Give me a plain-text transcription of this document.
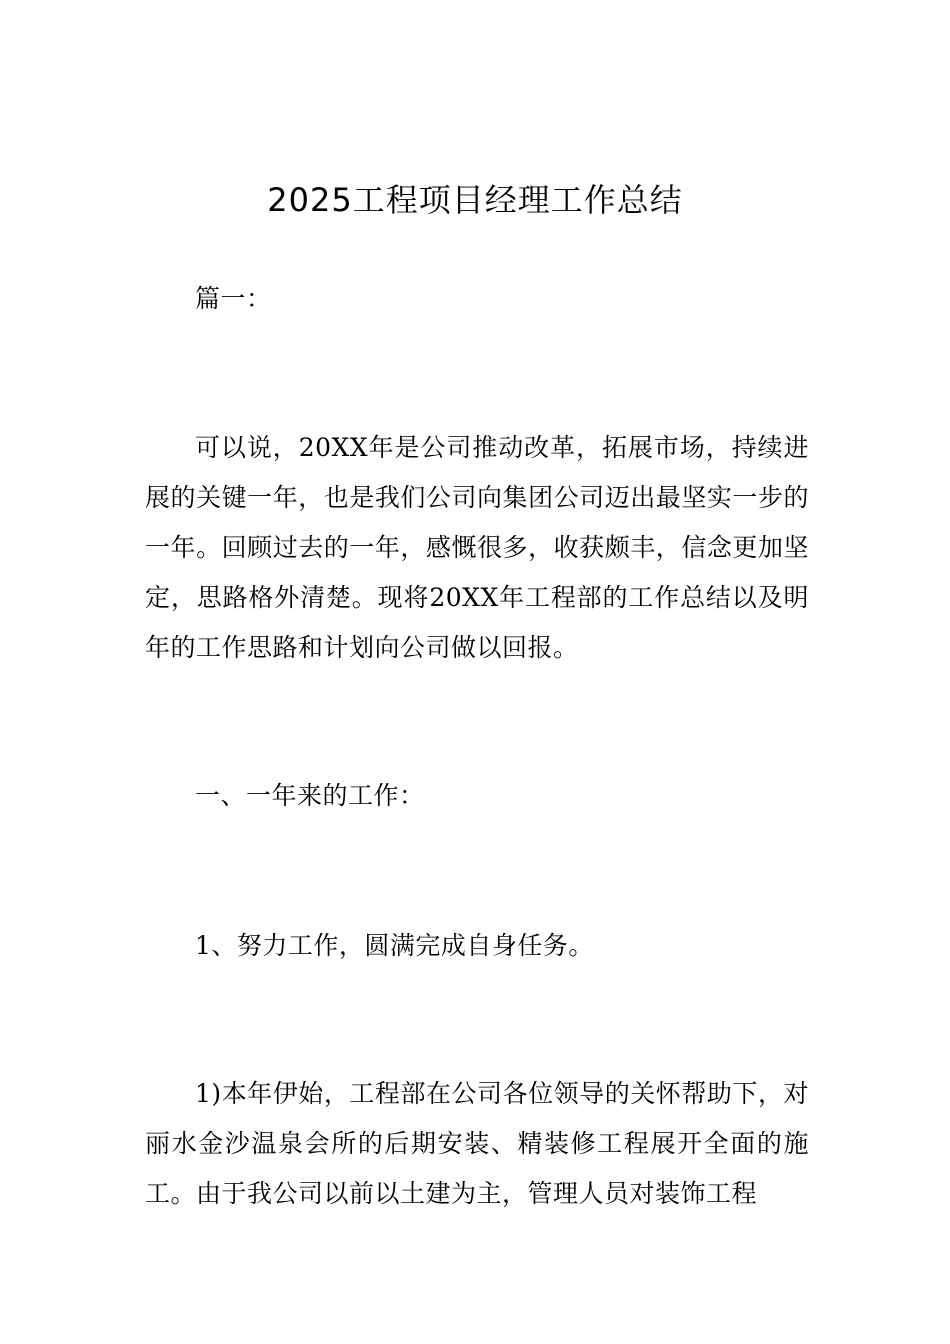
2025工程项目经理工作总结

篇一：

可以说，20XX年是公司推动改革，拓展市场，持续进展的关键一年，也是我们公司向集团公司迈出最坚实一步的一年。回顾过去的一年，感慨很多，收获颇丰，信念更加坚定，思路格外清楚。现将20XX年工程部的工作总结以及明年的工作思路和计划向公司做以回报。

一、一年来的工作：

1、努力工作，圆满完成自身任务。

1)本年伊始，工程部在公司各位领导的关怀帮助下，对丽水金沙温泉会所的后期安装、精装修工程展开全面的施工。由于我公司以前以土建为主，管理人员对装饰工程
